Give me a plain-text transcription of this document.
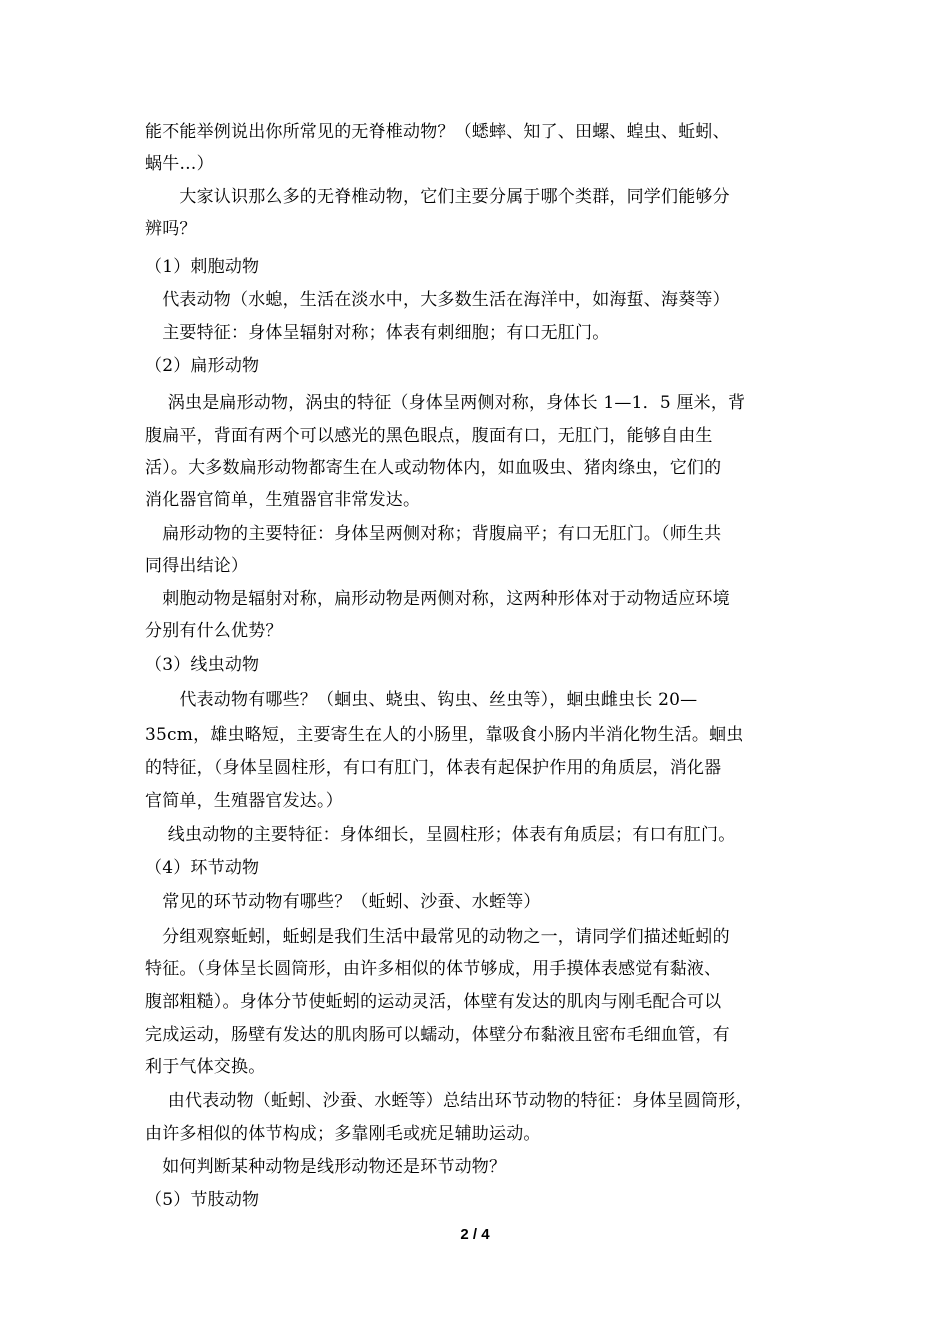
能不能举例说出你所常见的无脊椎动物？（蟋蟀、知了、田螺、蝗虫、蚯蚓、
蜗牛…）
　　大家认识那么多的无脊椎动物，它们主要分属于哪个类群，同学们能够分
辨吗？
（1）刺胞动物
　代表动物（水螅，生活在淡水中，大多数生活在海洋中，如海蜇、海葵等）
　主要特征：身体呈辐射对称；体表有刺细胞；有口无肛门。
（2）扁形动物
　 涡虫是扁形动物，涡虫的特征（身体呈两侧对称，身体长 1—1．5 厘米，背
腹扁平，背面有两个可以感光的黑色眼点，腹面有口，无肛门，能够自由生
活）。大多数扁形动物都寄生在人或动物体内，如血吸虫、猪肉绦虫，它们的
消化器官简单，生殖器官非常发达。
　扁形动物的主要特征：身体呈两侧对称；背腹扁平；有口无肛门。（师生共
同得出结论）
　刺胞动物是辐射对称，扁形动物是两侧对称，这两种形体对于动物适应环境
分别有什么优势？
（3）线虫动物
　　代表动物有哪些？（蛔虫、蛲虫、钩虫、丝虫等），蛔虫雌虫长 20—
35cm，雄虫略短，主要寄生在人的小肠里，靠吸食小肠内半消化物生活。蛔虫
的特征，（身体呈圆柱形，有口有肛门，体表有起保护作用的角质层，消化器
官简单，生殖器官发达。）
　 线虫动物的主要特征：身体细长，呈圆柱形；体表有角质层；有口有肛门。
（4）环节动物
　常见的环节动物有哪些？（蚯蚓、沙蚕、水蛭等）
　分组观察蚯蚓，蚯蚓是我们生活中最常见的动物之一，请同学们描述蚯蚓的
特征。（身体呈长圆筒形，由许多相似的体节够成，用手摸体表感觉有黏液、
腹部粗糙）。身体分节使蚯蚓的运动灵活，体壁有发达的肌肉与刚毛配合可以
完成运动，肠壁有发达的肌肉肠可以蠕动，体壁分布黏液且密布毛细血管，有
利于气体交换。
　 由代表动物（蚯蚓、沙蚕、水蛭等）总结出环节动物的特征：身体呈圆筒形，
由许多相似的体节构成；多靠刚毛或疣足辅助运动。
　如何判断某种动物是线形动物还是环节动物？
（5）节肢动物
2 / 4
